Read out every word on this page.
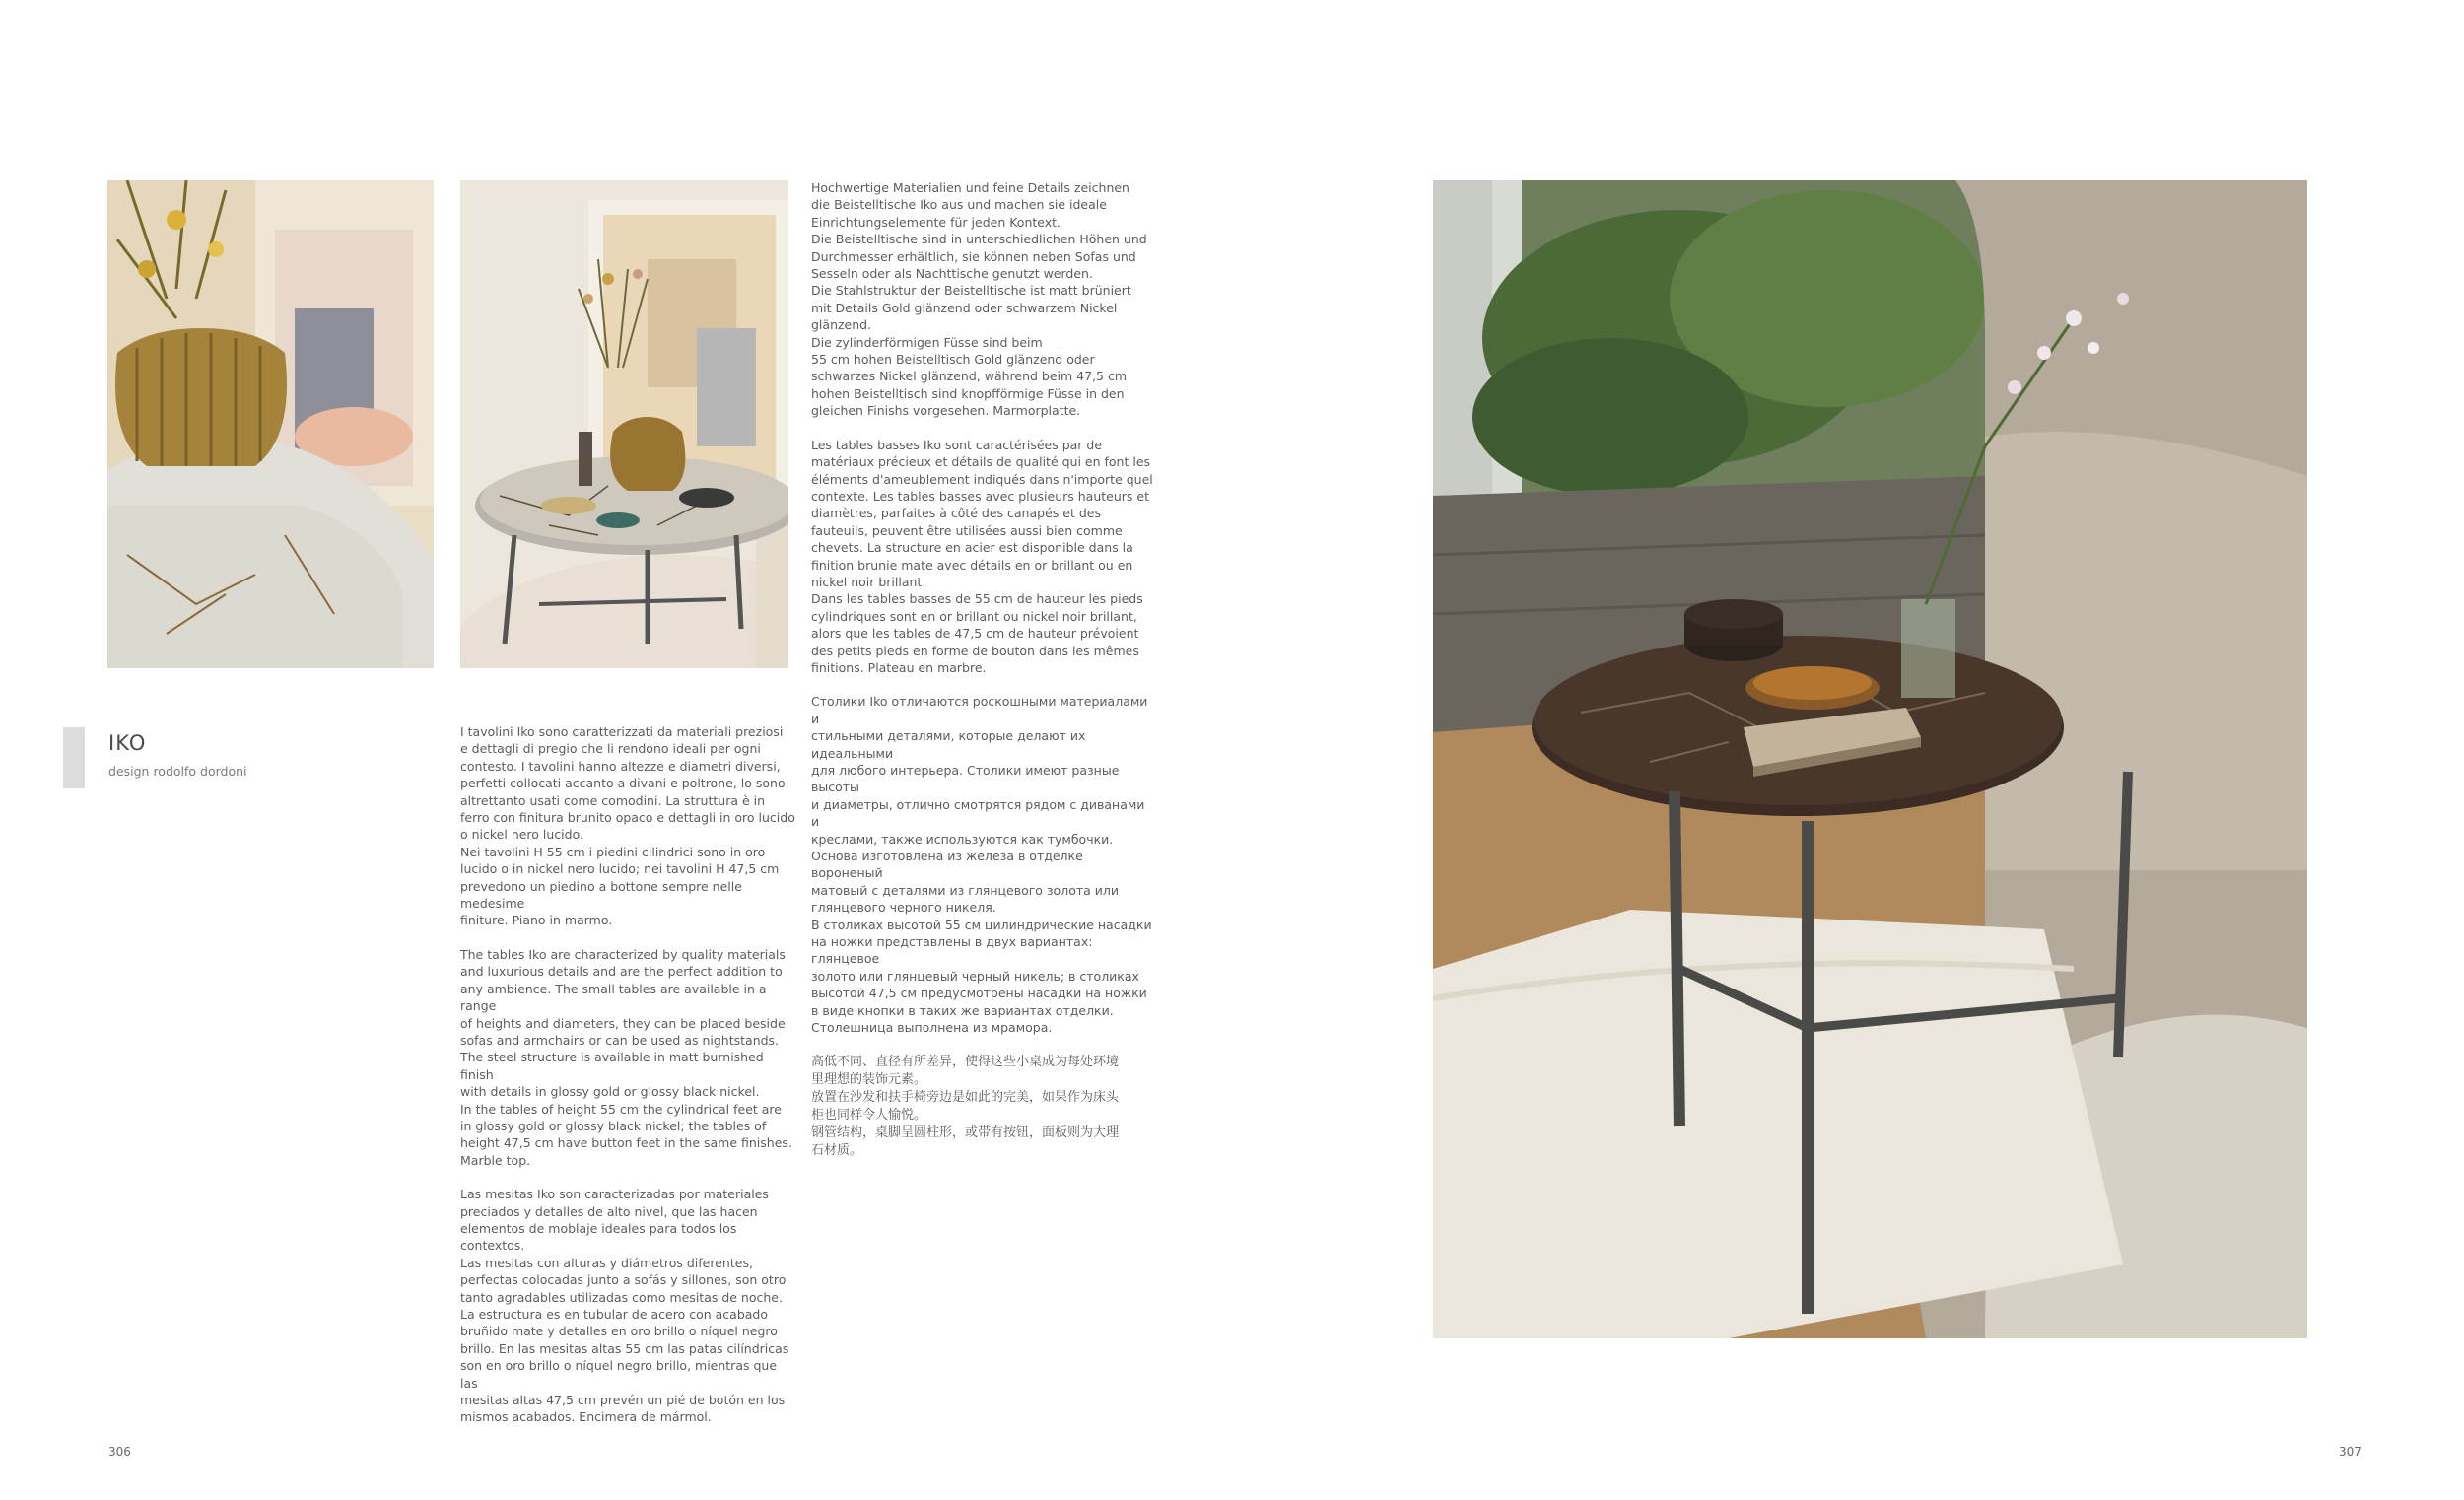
IKO
design rodolfo dordoni

I tavolini Iko sono caratterizzati da materiali preziosi
e dettagli di pregio che li rendono ideali per ogni
contesto. I tavolini hanno altezze e diametri diversi,
perfetti collocati accanto a divani e poltrone, lo sono
altrettanto usati come comodini. La struttura è in
ferro con finitura brunito opaco e dettagli in oro lucido
o nickel nero lucido.
Nei tavolini H 55 cm i piedini cilindrici sono in oro
lucido o in nickel nero lucido; nei tavolini H 47,5 cm
prevedono un piedino a bottone sempre nelle medesime
finiture. Piano in marmo.

The tables Iko are characterized by quality materials
and luxurious details and are the perfect addition to
any ambience. The small tables are available in a range
of heights and diameters, they can be placed beside
sofas and armchairs or can be used as nightstands.
The steel structure is available in matt burnished finish
with details in glossy gold or glossy black nickel.
In the tables of height 55 cm the cylindrical feet are
in glossy gold or glossy black nickel; the tables of
height 47,5 cm have button feet in the same finishes.
Marble top.

Las mesitas Iko son caracterizadas por materiales
preciados y detalles de alto nivel, que las hacen
elementos de moblaje ideales para todos los contextos.
Las mesitas con alturas y diámetros diferentes,
perfectas colocadas junto a sofás y sillones, son otro
tanto agradables utilizadas como mesitas de noche.
La estructura es en tubular de acero con acabado
bruñido mate y detalles en oro brillo o níquel negro
brillo. En las mesitas altas 55 cm las patas cilíndricas
son en oro brillo o níquel negro brillo, mientras que las
mesitas altas 47,5 cm prevén un pié de botón en los
mismos acabados. Encimera de mármol.

Hochwertige Materialien und feine Details zeichnen
die Beistelltische Iko aus und machen sie ideale
Einrichtungselemente für jeden Kontext.
Die Beistelltische sind in unterschiedlichen Höhen und
Durchmesser erhältlich, sie können neben Sofas und
Sesseln oder als Nachttische genutzt werden.
Die Stahlstruktur der Beistelltische ist matt brüniert
mit Details Gold glänzend oder schwarzem Nickel
glänzend.
Die zylinderförmigen Füsse sind beim
55 cm hohen Beistelltisch Gold glänzend oder
schwarzes Nickel glänzend, während beim 47,5 cm
hohen Beistelltisch sind knopfförmige Füsse in den
gleichen Finishs vorgesehen. Marmorplatte.

Les tables basses Iko sont caractérisées par de
matériaux précieux et détails de qualité qui en font les
éléments d'ameublement indiqués dans n'importe quel
contexte. Les tables basses avec plusieurs hauteurs et
diamètres, parfaites à côté des canapés et des
fauteuils, peuvent être utilisées aussi bien comme
chevets. La structure en acier est disponible dans la
finition brunie mate avec détails en or brillant ou en
nickel noir brillant.
Dans les tables basses de 55 cm de hauteur les pieds
cylindriques sont en or brillant ou nickel noir brillant,
alors que les tables de 47,5 cm de hauteur prévoient
des petits pieds en forme de bouton dans les mêmes
finitions. Plateau en marbre.

Столики Iko отличаются роскошными материалами и
стильными деталями, которые делают их идеальными
для любого интерьера. Столики имеют разные высоты
и диаметры, отлично смотрятся рядом с диванами и
креслами, также используются как тумбочки.
Основа изготовлена из железа в отделке вороненый
матовый с деталями из глянцевого золота или
глянцевого черного никеля.
В столиках высотой 55 см цилиндрические насадки
на ножки представлены в двух вариантах: глянцевое
золото или глянцевый черный никель; в столиках
высотой 47,5 см предусмотрены насадки на ножки
в виде кнопки в таких же вариантах отделки.
Столешница выполнена из мрамора.

高低不同、直径有所差异，使得这些小桌成为每处环境
里理想的装饰元素。
放置在沙发和扶手椅旁边是如此的完美，如果作为床头
柜也同样令人愉悦。
钢管结构，桌脚呈圆柱形，或带有按钮，面板则为大理
石材质。

306	307
